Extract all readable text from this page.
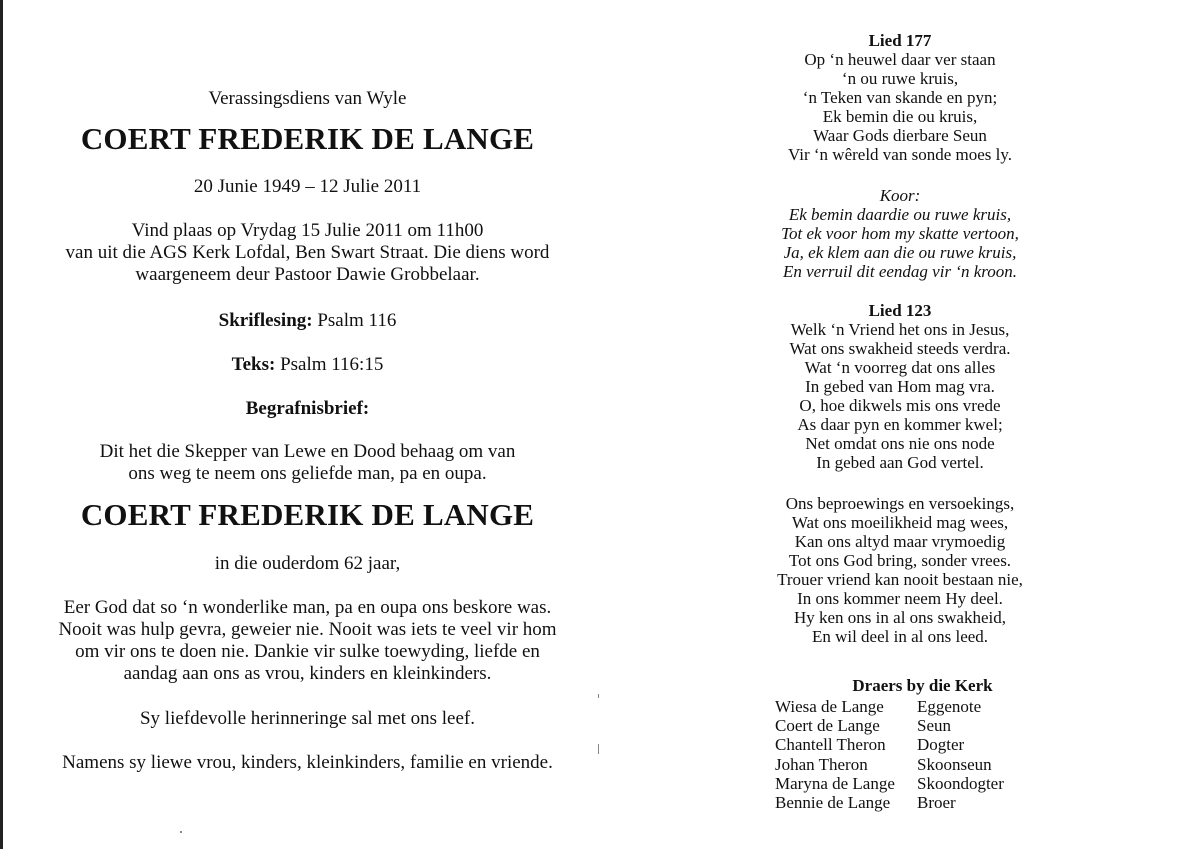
Verassingsdiens van Wyle
COERT FREDERIK DE LANGE
20 Junie 1949 – 12 Julie 2011
Vind plaas op Vrydag 15 Julie 2011 om 11h00
van uit die AGS Kerk Lofdal, Ben Swart Straat. Die diens word
waargeneem deur Pastoor Dawie Grobbelaar.
Skriflesing: Psalm 116
Teks: Psalm 116:15
Begrafnisbrief:
Dit het die Skepper van Lewe en Dood behaag om van
ons weg te neem ons geliefde man, pa en oupa.
COERT FREDERIK DE LANGE
in die ouderdom 62 jaar,
Eer God dat so ‘n wonderlike man, pa en oupa ons beskore was.
Nooit was hulp gevra, geweier nie. Nooit was iets te veel vir hom
om vir ons te doen nie. Dankie vir sulke toewyding, liefde en
aandag aan ons as vrou, kinders en kleinkinders.
Sy liefdevolle herinneringe sal met ons leef.
Namens sy liewe vrou, kinders, kleinkinders, familie en vriende.
Lied 177
Op ‘n heuwel daar ver staan
‘n ou ruwe kruis,
‘n Teken van skande en pyn;
Ek bemin die ou kruis,
Waar Gods dierbare Seun
Vir ‘n wêreld van sonde moes ly.
Koor:
Ek bemin daardie ou ruwe kruis,
Tot ek voor hom my skatte vertoon,
Ja, ek klem aan die ou ruwe kruis,
En verruil dit eendag vir ‘n kroon.
Lied 123
Welk ‘n Vriend het ons in Jesus,
Wat ons swakheid steeds verdra.
Wat ‘n voorreg dat ons alles
In gebed van Hom mag vra.
O, hoe dikwels mis ons vrede
As daar pyn en kommer kwel;
Net omdat ons nie ons node
In gebed aan God vertel.
Ons beproewings en versoekings,
Wat ons moeilikheid mag wees,
Kan ons altyd maar vrymoedig
Tot ons God bring, sonder vrees.
Trouer vriend kan nooit bestaan nie,
In ons kommer neem Hy deel.
Hy ken ons in al ons swakheid,
En wil deel in al ons leed.
Draers by die Kerk
Wiesa de Lange	Eggenote
Coert de Lange	Seun
Chantell Theron	Dogter
Johan Theron	Skoonseun
Maryna de Lange	Skoondogter
Bennie de Lange	Broer
